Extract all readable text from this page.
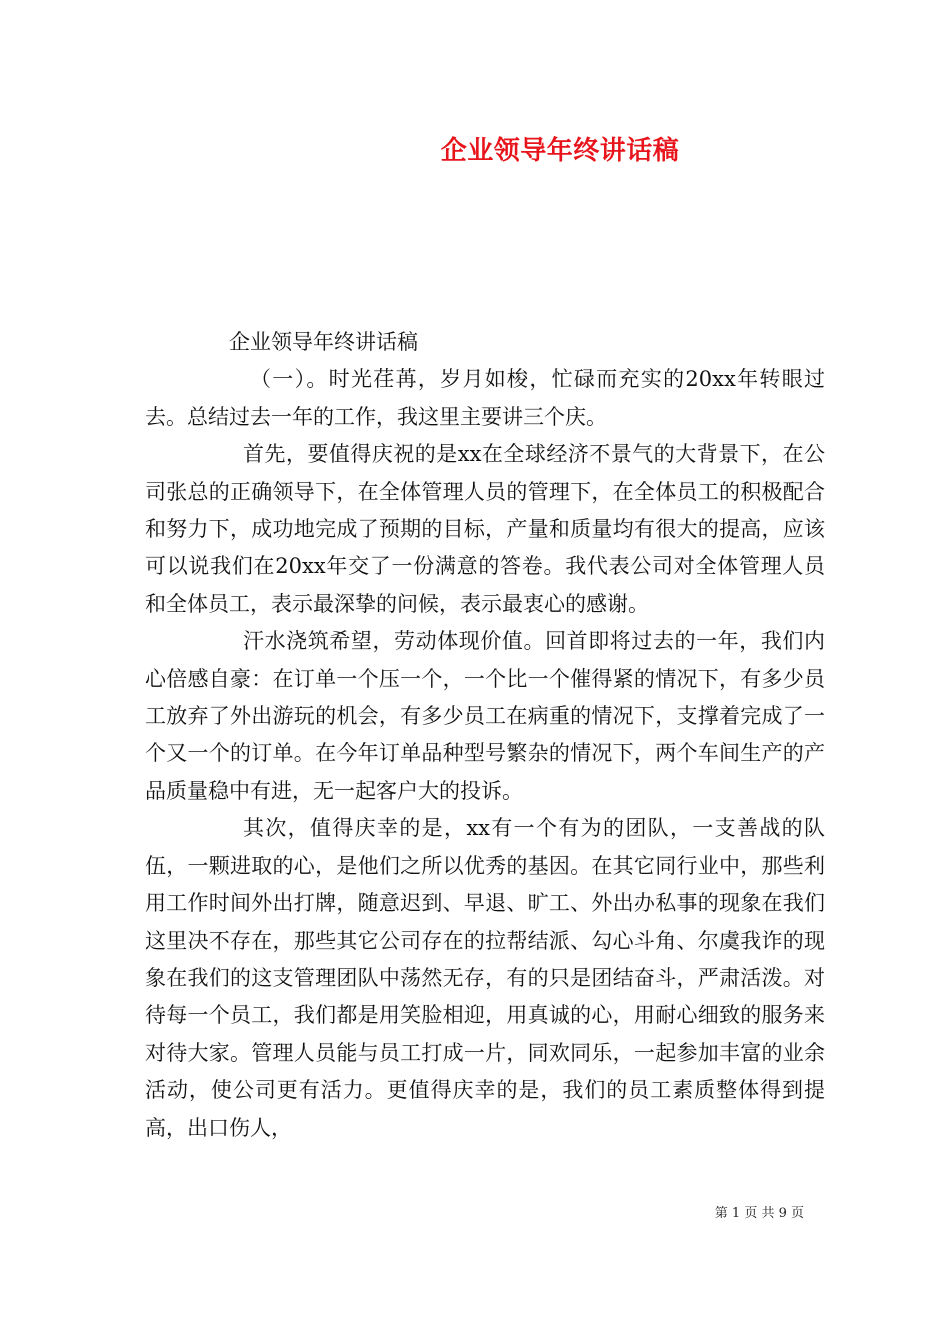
企业领导年终讲话稿

企业领导年终讲话稿

（一）。时光荏苒，岁月如梭，忙碌而充实的20xx年转眼过去。总结过去一年的工作，我这里主要讲三个庆。

首先，要值得庆祝的是xx在全球经济不景气的大背景下，在公司张总的正确领导下，在全体管理人员的管理下，在全体员工的积极配合和努力下，成功地完成了预期的目标，产量和质量均有很大的提高，应该可以说我们在20xx年交了一份满意的答卷。我代表公司对全体管理人员和全体员工，表示最深挚的问候，表示最衷心的感谢。

汗水浇筑希望，劳动体现价值。回首即将过去的一年，我们内心倍感自豪：在订单一个压一个，一个比一个催得紧的情况下，有多少员工放弃了外出游玩的机会，有多少员工在病重的情况下，支撑着完成了一个又一个的订单。在今年订单品种型号繁杂的情况下，两个车间生产的产品质量稳中有进，无一起客户大的投诉。

其次，值得庆幸的是，xx有一个有为的团队，一支善战的队伍，一颗进取的心，是他们之所以优秀的基因。在其它同行业中，那些利用工作时间外出打牌，随意迟到、早退、旷工、外出办私事的现象在我们这里决不存在，那些其它公司存在的拉帮结派、勾心斗角、尔虞我诈的现象在我们的这支管理团队中荡然无存，有的只是团结奋斗，严肃活泼。对待每一个员工，我们都是用笑脸相迎，用真诚的心，用耐心细致的服务来对待大家。管理人员能与员工打成一片，同欢同乐，一起参加丰富的业余活动，使公司更有活力。更值得庆幸的是，我们的员工素质整体得到提高，出口伤人，

第 1 页 共 9 页
